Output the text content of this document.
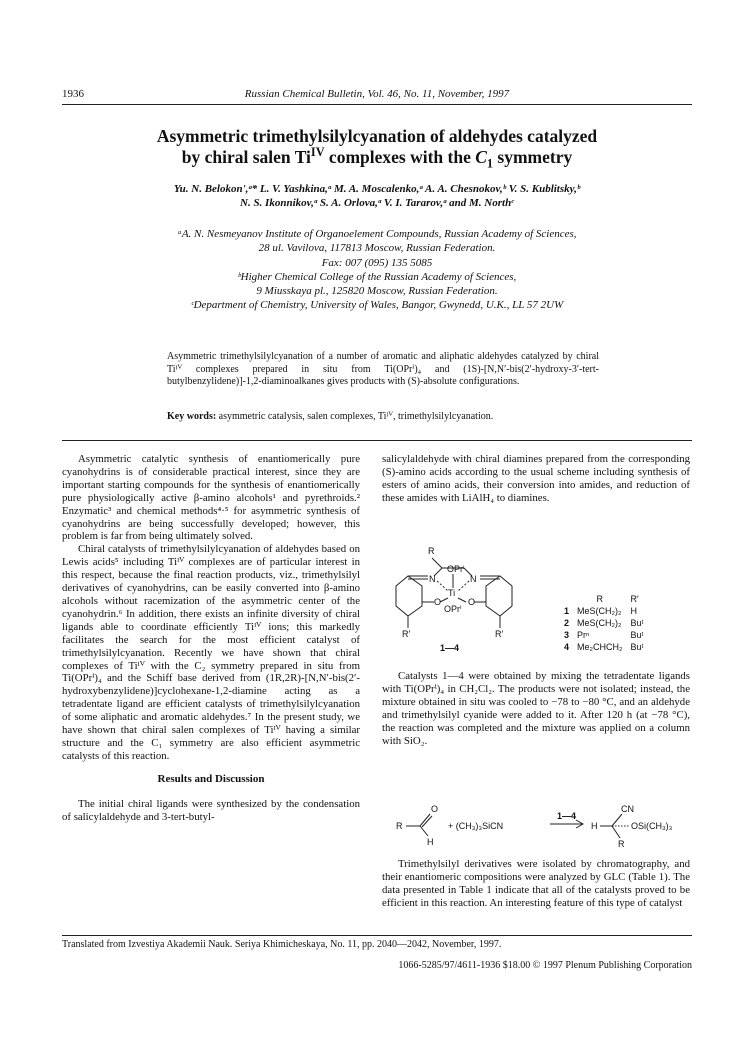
1936	Russian Chemical Bulletin, Vol. 46, No. 11, November, 1997
Asymmetric trimethylsilylcyanation of aldehydes catalyzed
by chiral salen $Ti^{IV}$ complexes with the $C_1$ symmetry
Yu. N. Belokon',ᵃ* L. V. Yashkina,ᵃ M. A. Moscalenko,ᵃ A. A. Chesnokov,ᵇ V. S. Kublitsky,ᵇ
N. S. Ikonnikov,ᵃ S. A. Orlova,ᵃ V. I. Tararov,ᵃ and M. Northᶜ
ᵃA. N. Nesmeyanov Institute of Organoelement Compounds, Russian Academy of Sciences,
28 ul. Vavilova, 117813 Moscow, Russian Federation.
Fax: 007 (095) 135 5085
ᵇHigher Chemical College of the Russian Academy of Sciences,
9 Miusskaya pl., 125820 Moscow, Russian Federation.
ᶜDepartment of Chemistry, University of Wales, Bangor, Gwynedd, U.K., LL 57 2UW
Asymmetric trimethylsilylcyanation of a number of aromatic and aliphatic aldehydes catalyzed by chiral Tiᴵⱽ complexes prepared in situ from Ti(OPrⁱ)₄ and (1S)-[N,N′-bis(2′-hydroxy-3′-tert-butylbenzylidene)]-1,2-diaminoalkanes gives products with (S)-absolute configurations.
Key words: asymmetric catalysis, salen complexes, Tiᴵⱽ, trimethylsilylcyanation.

Asymmetric catalytic synthesis of enantiomerically pure cyanohydrins is of considerable practical interest, since they are important starting compounds for the synthesis of enantiomerically pure physiologically active β-amino alcohols¹ and pyrethroids.² Enzymatic³ and chemical methods⁴·⁵ for asymmetric synthesis of cyanohydrins are being successfully developed; however, this problem is far from being ultimately solved.

Chiral catalysts of trimethylsilylcyanation of aldehydes based on Lewis acids⁵ including Tiᴵⱽ complexes are of particular interest in this respect, because the final reaction products, viz., trimethylsilyl derivatives of cyanohydrins, can be easily converted into β-amino alcohols without racemization of the asymmetric center of the cyanohydrin.⁶ In addition, there exists an infinite diversity of chiral ligands able to coordinate efficiently Tiᴵⱽ ions; this markedly facilitates the search for the most efficient catalyst of trimethylsilylcyanation. Recently we have shown that chiral complexes of Tiᴵⱽ with the C₂ symmetry prepared in situ from Ti(OPrⁱ)₄ and the Schiff base derived from (1R,2R)-[N,N′-bis(2′-hydroxybenzylidene)]cyclohexane-1,2-diamine acting as a tetradentate ligand are efficient catalysts of trimethylsilylcyanation of some aliphatic and aromatic aldehydes.⁷ In the present study, we have shown that chiral salen complexes of Tiᴵⱽ having a similar structure and the C₁ symmetry are also efficient asymmetric catalysts of this reaction.

Results and Discussion

The initial chiral ligands were synthesized by the condensation of salicylaldehyde and 3-tert-butyl-

salicylaldehyde with chiral diamines prepared from the corresponding (S)-amino acids according to the usual scheme including synthesis of esters of amino acids, their conversion into amides, and reduction of these amides with LiAlH₄ to diamines.

R
OPrⁱ
Ti
N	N
O	O
OPrⁱ
R′	R′
1—4
	R	R′
1	MeS(CH₂)₂	H
2	MeS(CH₂)₂	Buᵗ
3	Prⁿ	Buᵗ
4	Me₂CHCH₂	Buᵗ

Catalysts 1—4 were obtained by mixing the tetradentate ligands with Ti(OPrⁱ)₄ in CH₂Cl₂. The products were not isolated; instead, the mixture obtained in situ was cooled to −78 to −80 °C, and an aldehyde and trimethylsilyl cyanide were added to it. After 120 h (at −78 °C), the reaction was completed and the mixture was applied on a column with SiO₂.

R
O
H
+ (CH₃)₃SiCN
1—4
H
CN
OSi(CH₃)₃
R

Trimethylsilyl derivatives were isolated by chromatography, and their enantiomeric compositions were analyzed by GLC (Table 1). The data presented in Table 1 indicate that all of the catalysts proved to be efficient in this reaction. An interesting feature of this type of catalyst

Translated from Izvestiya Akademii Nauk. Seriya Khimicheskaya, No. 11, pp. 2040—2042, November, 1997.
1066-5285/97/4611-1936 $18.00 © 1997 Plenum Publishing Corporation
